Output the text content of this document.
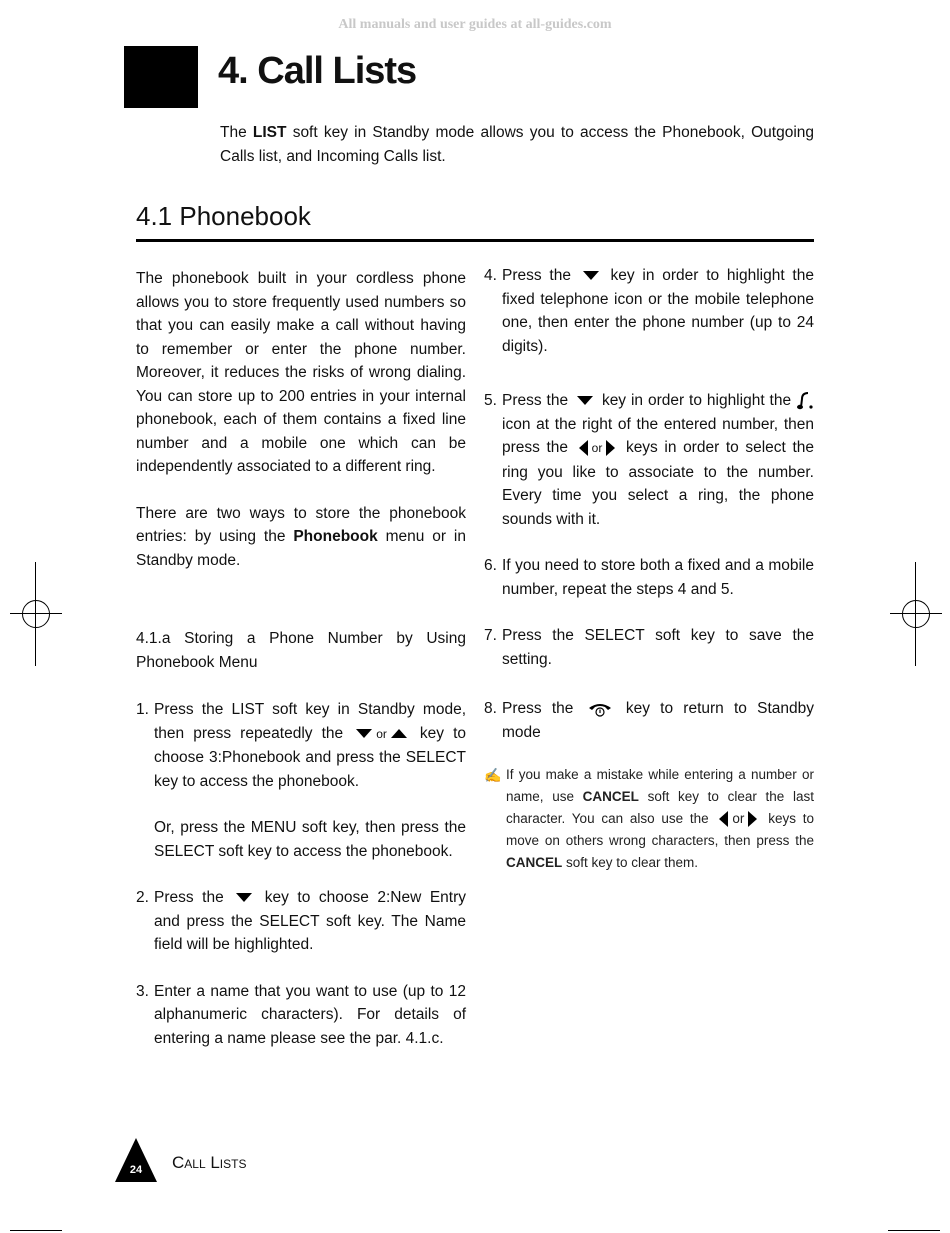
All manuals and user guides at all-guides.com
4. Call Lists

The LIST soft key in Standby mode allows you to access the Phonebook, Outgoing Calls list, and Incoming Calls list.

4.1 Phonebook

The phonebook built in your cordless phone allows you to store frequently used numbers so that you can easily make a call without having to remember or enter the phone number. Moreover, it reduces the risks of wrong dialing. You can store up to 200 entries in your internal phonebook, each of them contains a fixed line number and a mobile one which can be independently associated to a different ring.

There are two ways to store the phonebook entries: by using the Phonebook menu or in Standby mode.

4.1.a Storing a Phone Number by Using Phonebook Menu

1. Press the LIST soft key in Standby mode, then press repeatedly the	or key to choose 3:Phonebook and press the SELECT key to access the phonebook.

Or, press the MENU soft key, then press the SELECT soft key to access the phonebook.

2. Press the	key to choose 2:New Entry and press the SELECT soft key. The Name field will be highlighted.
3. Enter a name that you want to use (up to 12 alphanumeric characters). For details of entering a name please see the par. 4.1.c.
4. Press the	key in order to highlight the fixed telephone icon or the mobile telephone one, then enter the phone number (up to 24 digits).
5. Press the key in order to highlight the  icon at the right of the entered number, then press the or keys in order to select the ring you like to associate to the number. Every time you select a ring, the phone sounds with it.
6. If you need to store both a fixed and a mobile number, repeat the steps 4 and 5.
7. Press the SELECT soft key to save the setting.
8. Press the	key to return to Standby mode
✍ If you make a mistake while entering a number or name, use CANCEL soft key to clear the last character. You can also use the or keys to move on others wrong characters, then press the CANCEL soft key to clear them.
24	Call Lists
